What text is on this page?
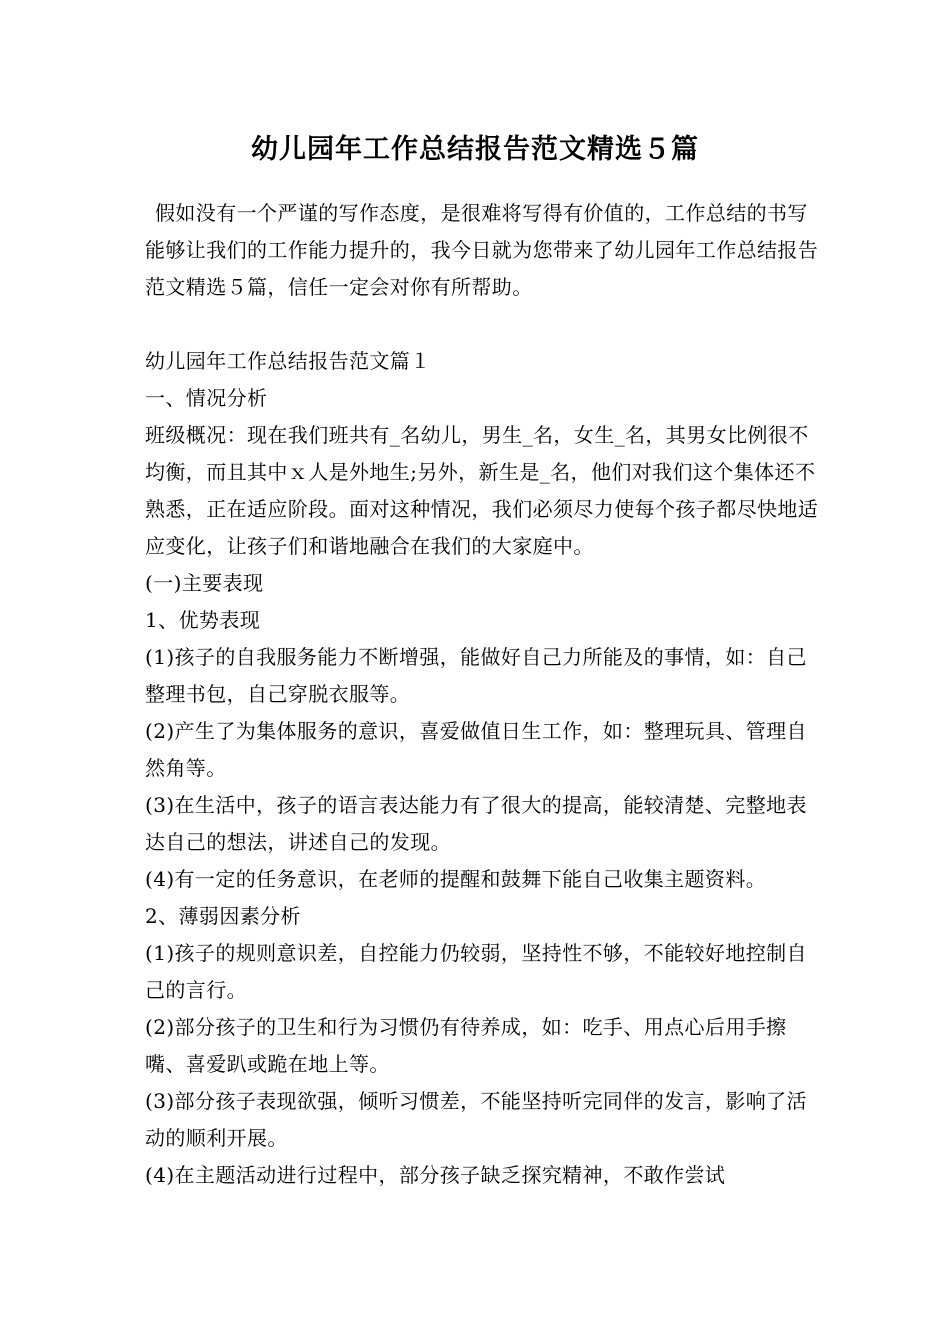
幼儿园年工作总结报告范文精选５篇

假如没有一个严谨的写作态度，是很难将写得有价值的，工作总结的书写能够让我们的工作能力提升的，我今日就为您带来了幼儿园年工作总结报告范文精选５篇，信任一定会对你有所帮助。

幼儿园年工作总结报告范文篇１

一、情况分析

班级概况：现在我们班共有_名幼儿，男生_名，女生_名，其男女比例很不均衡，而且其中ｘ人是外地生;另外，新生是_名，他们对我们这个集体还不熟悉，正在适应阶段。面对这种情况，我们必须尽力使每个孩子都尽快地适应变化，让孩子们和谐地融合在我们的大家庭中。

(一)主要表现

1、优势表现

(1)孩子的自我服务能力不断增强，能做好自己力所能及的事情，如：自己整理书包，自己穿脱衣服等。

(2)产生了为集体服务的意识，喜爱做值日生工作，如：整理玩具、管理自然角等。

(3)在生活中，孩子的语言表达能力有了很大的提高，能较清楚、完整地表达自己的想法，讲述自己的发现。

(4)有一定的任务意识，在老师的提醒和鼓舞下能自己收集主题资料。

2、薄弱因素分析

(1)孩子的规则意识差，自控能力仍较弱，坚持性不够，不能较好地控制自己的言行。

(2)部分孩子的卫生和行为习惯仍有待养成，如：吃手、用点心后用手擦嘴、喜爱趴或跪在地上等。

(3)部分孩子表现欲强，倾听习惯差，不能坚持听完同伴的发言，影响了活动的顺利开展。

(4)在主题活动进行过程中，部分孩子缺乏探究精神，不敢作尝试
